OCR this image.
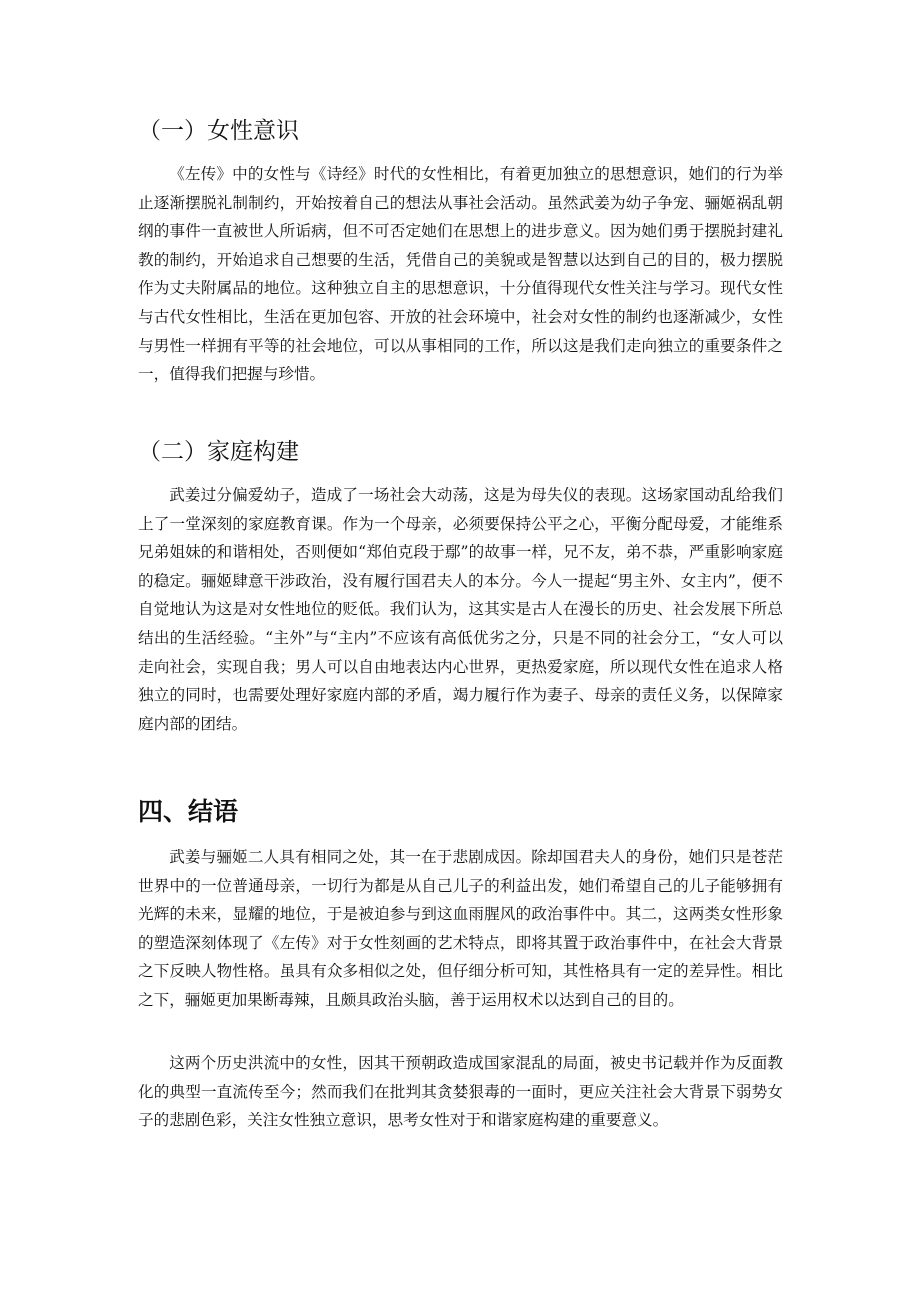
（一）女性意识

《左传》中的女性与《诗经》时代的女性相比，有着更加独立的思想意识，她们的行为举止逐渐摆脱礼制制约，开始按着自己的想法从事社会活动。虽然武姜为幼子争宠、骊姬祸乱朝纲的事件一直被世人所诟病，但不可否定她们在思想上的进步意义。因为她们勇于摆脱封建礼教的制约，开始追求自己想要的生活，凭借自己的美貌或是智慧以达到自己的目的，极力摆脱作为丈夫附属品的地位。这种独立自主的思想意识，十分值得现代女性关注与学习。现代女性与古代女性相比，生活在更加包容、开放的社会环境中，社会对女性的制约也逐渐减少，女性与男性一样拥有平等的社会地位，可以从事相同的工作，所以这是我们走向独立的重要条件之一，值得我们把握与珍惜。

（二）家庭构建

武姜过分偏爱幼子，造成了一场社会大动荡，这是为母失仪的表现。这场家国动乱给我们上了一堂深刻的家庭教育课。作为一个母亲，必须要保持公平之心，平衡分配母爱，才能维系兄弟姐妹的和谐相处，否则便如“郑伯克段于鄢”的故事一样，兄不友，弟不恭，严重影响家庭的稳定。骊姬肆意干涉政治，没有履行国君夫人的本分。今人一提起“男主外、女主内”，便不自觉地认为这是对女性地位的贬低。我们认为，这其实是古人在漫长的历史、社会发展下所总结出的生活经验。“主外”与“主内”不应该有高低优劣之分，只是不同的社会分工，“女人可以走向社会，实现自我；男人可以自由地表达内心世界，更热爱家庭，所以现代女性在追求人格独立的同时，也需要处理好家庭内部的矛盾，竭力履行作为妻子、母亲的责任义务，以保障家庭内部的团结。

四、结语

武姜与骊姬二人具有相同之处，其一在于悲剧成因。除却国君夫人的身份，她们只是苍茫世界中的一位普通母亲，一切行为都是从自己儿子的利益出发，她们希望自己的儿子能够拥有光辉的未来，显耀的地位，于是被迫参与到这血雨腥风的政治事件中。其二，这两类女性形象的塑造深刻体现了《左传》对于女性刻画的艺术特点，即将其置于政治事件中，在社会大背景之下反映人物性格。虽具有众多相似之处，但仔细分析可知，其性格具有一定的差异性。相比之下，骊姬更加果断毒辣，且颇具政治头脑，善于运用权术以达到自己的目的。

这两个历史洪流中的女性，因其干预朝政造成国家混乱的局面，被史书记载并作为反面教化的典型一直流传至今；然而我们在批判其贪婪狠毒的一面时，更应关注社会大背景下弱势女子的悲剧色彩，关注女性独立意识，思考女性对于和谐家庭构建的重要意义。
